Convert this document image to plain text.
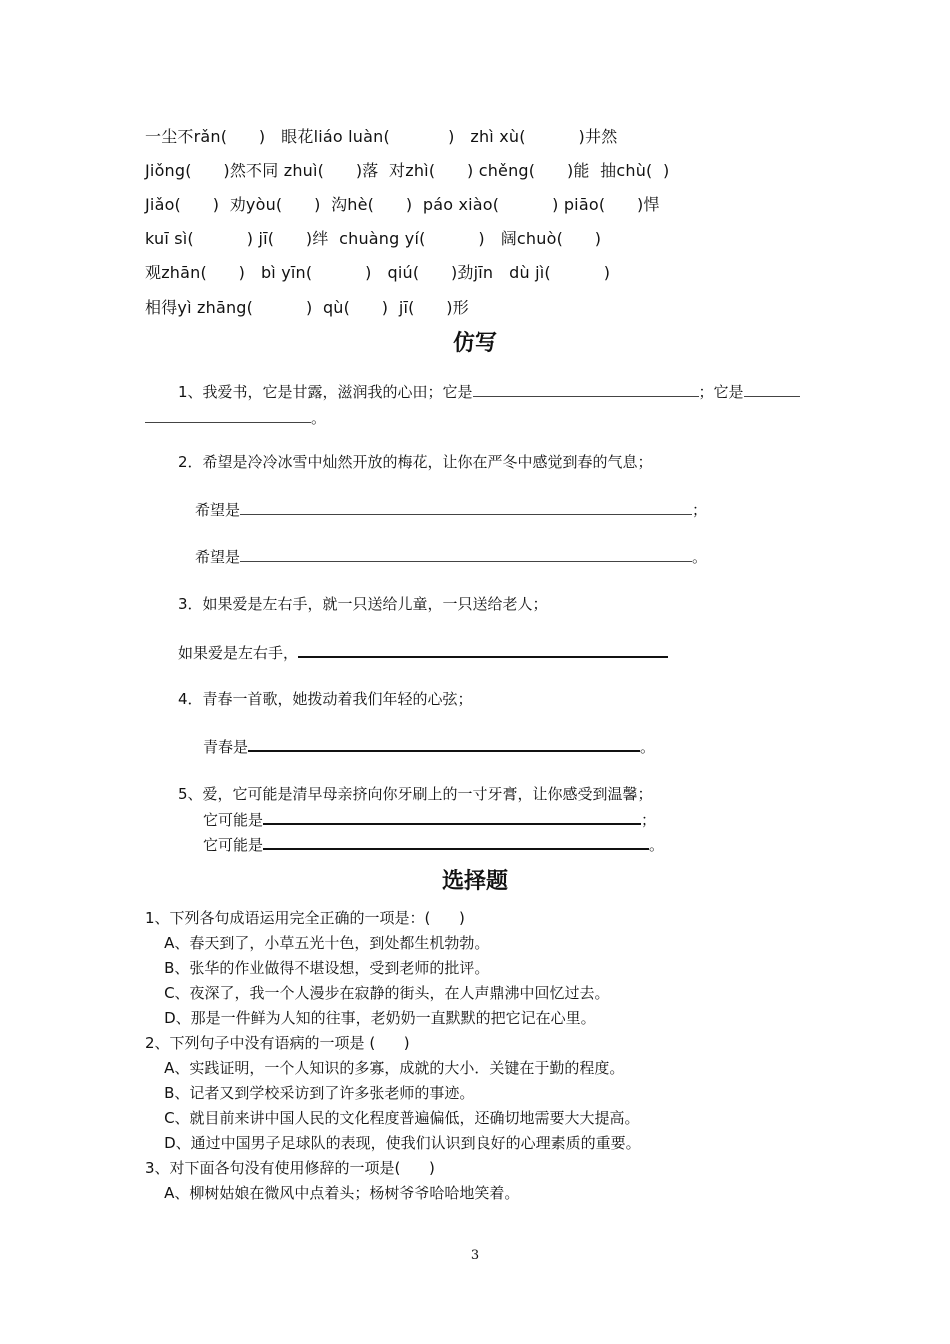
一尘不rǎn(      )   眼花liáo luàn(           )   zhì xù(          )井然
Jiǒng(      )然不同 zhuì(      )落  对zhì(      ) chěng(      )能  抽chù(  )
Jiǎo(      )  劝yòu(      )  沟hè(      )  páo xiào(          ) piāo(      )悍
kuī sì(          ) jī(      )绊  chuàng yí(          )   阔chuò(      )
观zhān(      )   bì yīn(          )   qiú(      )劲jīn   dù jì(          )
相得yì zhāng(          )  qù(      )  jī(      )形
仿写
1、我爱书，它是甘露，滋润我的心田；它是	；它是
。
2．希望是冷冷冰雪中灿然开放的梅花，让你在严冬中感觉到春的气息；
希望是	；
希望是	。
3．如果爱是左右手，就一只送给儿童，一只送给老人；
如果爱是左右手，
4．青春一首歌，她拨动着我们年轻的心弦；
青春是	。
5、爱，它可能是清早母亲挤向你牙刷上的一寸牙膏，让你感受到温馨；
它可能是	；
它可能是	。
选择题
1、下列各句成语运用完全正确的一项是：(      )
A、春天到了，小草五光十色，到处都生机勃勃。
B、张华的作业做得不堪设想，受到老师的批评。
C、夜深了，我一个人漫步在寂静的街头，在人声鼎沸中回忆过去。
D、那是一件鲜为人知的往事，老奶奶一直默默的把它记在心里。
2、下列句子中没有语病的一项是 (      )
A、实践证明，一个人知识的多寡，成就的大小．关键在于勤的程度。
B、记者又到学校采访到了许多张老师的事迹。
C、就目前来讲中国人民的文化程度普遍偏低，还确切地需要大大提高。
D、通过中国男子足球队的表现，使我们认识到良好的心理素质的重要。
3、对下面各句没有使用修辞的一项是(      )
A、柳树姑娘在微风中点着头；杨树爷爷哈哈地笑着。
3
